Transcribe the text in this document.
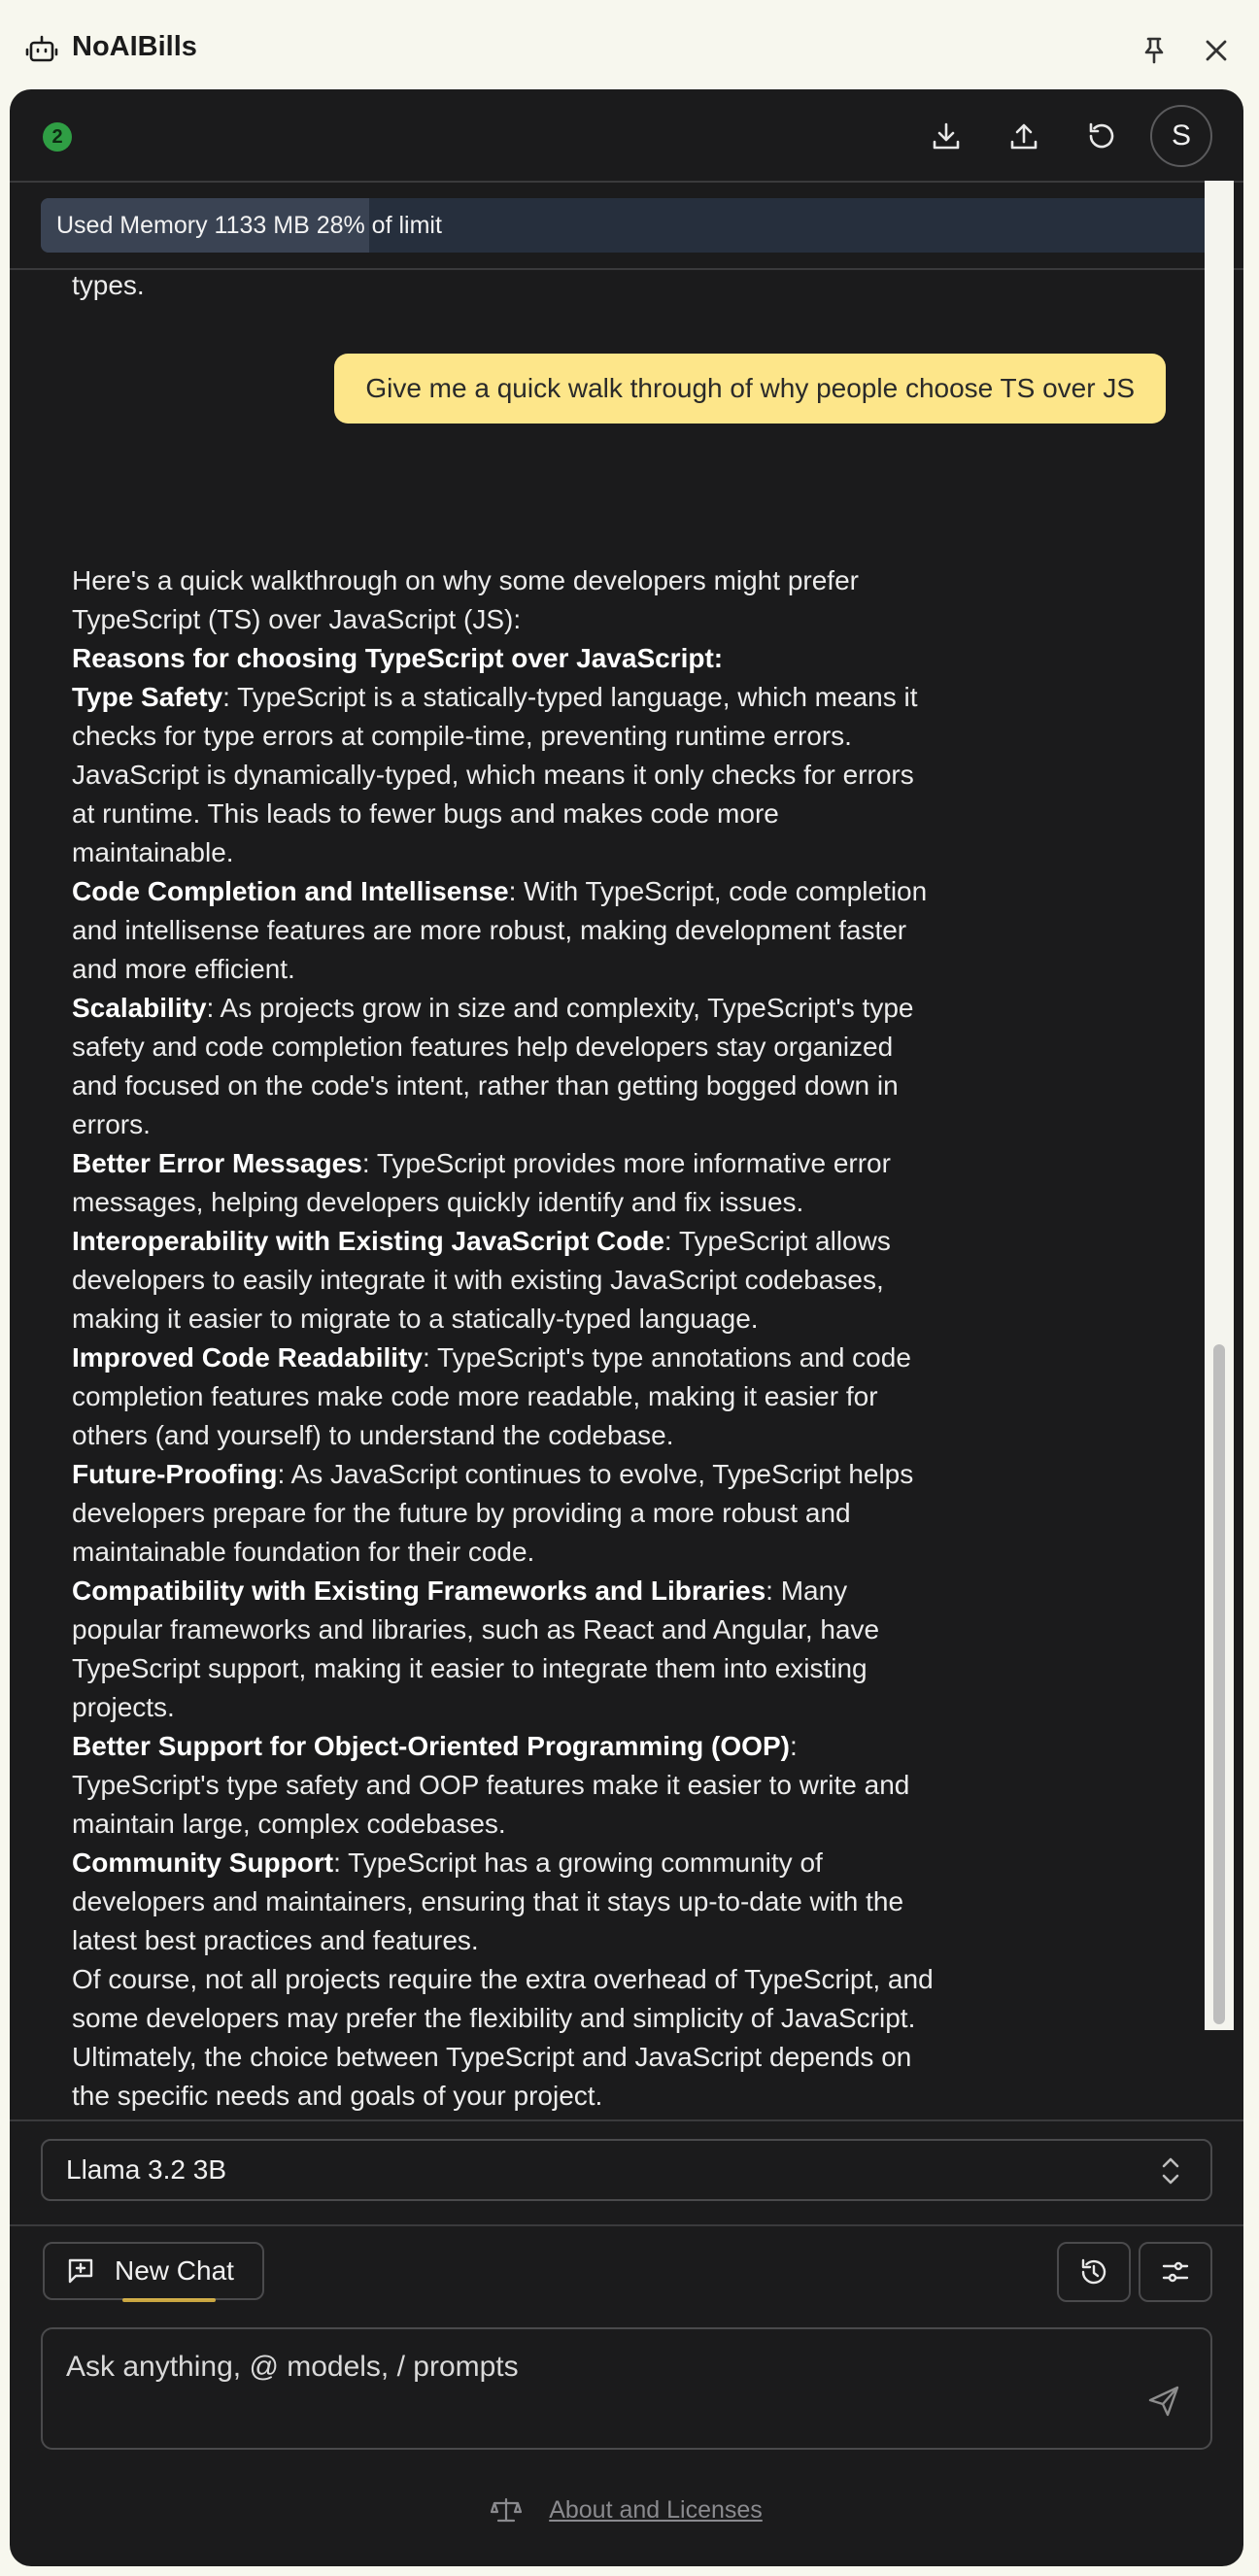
NoAIBills
2	S
Used Memory 1133 MB 28% of limit
types.
Give me a quick walk through of why people choose TS over JS

Here's a quick walkthrough on why some developers might prefer TypeScript (TS) over JavaScript (JS):

Reasons for choosing TypeScript over JavaScript:

Type Safety: TypeScript is a statically-typed language, which means it checks for type errors at compile-time, preventing runtime errors. JavaScript is dynamically-typed, which means it only checks for errors at runtime. This leads to fewer bugs and makes code more maintainable.

Code Completion and Intellisense: With TypeScript, code completion and intellisense features are more robust, making development faster and more efficient.

Scalability: As projects grow in size and complexity, TypeScript's type safety and code completion features help developers stay organized and focused on the code's intent, rather than getting bogged down in errors.

Better Error Messages: TypeScript provides more informative error messages, helping developers quickly identify and fix issues.

Interoperability with Existing JavaScript Code: TypeScript allows developers to easily integrate it with existing JavaScript codebases, making it easier to migrate to a statically-typed language.

Improved Code Readability: TypeScript's type annotations and code completion features make code more readable, making it easier for others (and yourself) to understand the codebase.

Future-Proofing: As JavaScript continues to evolve, TypeScript helps developers prepare for the future by providing a more robust and maintainable foundation for their code.

Compatibility with Existing Frameworks and Libraries: Many popular frameworks and libraries, such as React and Angular, have TypeScript support, making it easier to integrate them into existing projects.

Better Support for Object-Oriented Programming (OOP): TypeScript's type safety and OOP features make it easier to write and maintain large, complex codebases.

Community Support: TypeScript has a growing community of developers and maintainers, ensuring that it stays up-to-date with the latest best practices and features.

Of course, not all projects require the extra overhead of TypeScript, and some developers may prefer the flexibility and simplicity of JavaScript. Ultimately, the choice between TypeScript and JavaScript depends on the specific needs and goals of your project.

Llama 3.2 3B
New Chat
Ask anything, @ models, / prompts
About and Licenses
